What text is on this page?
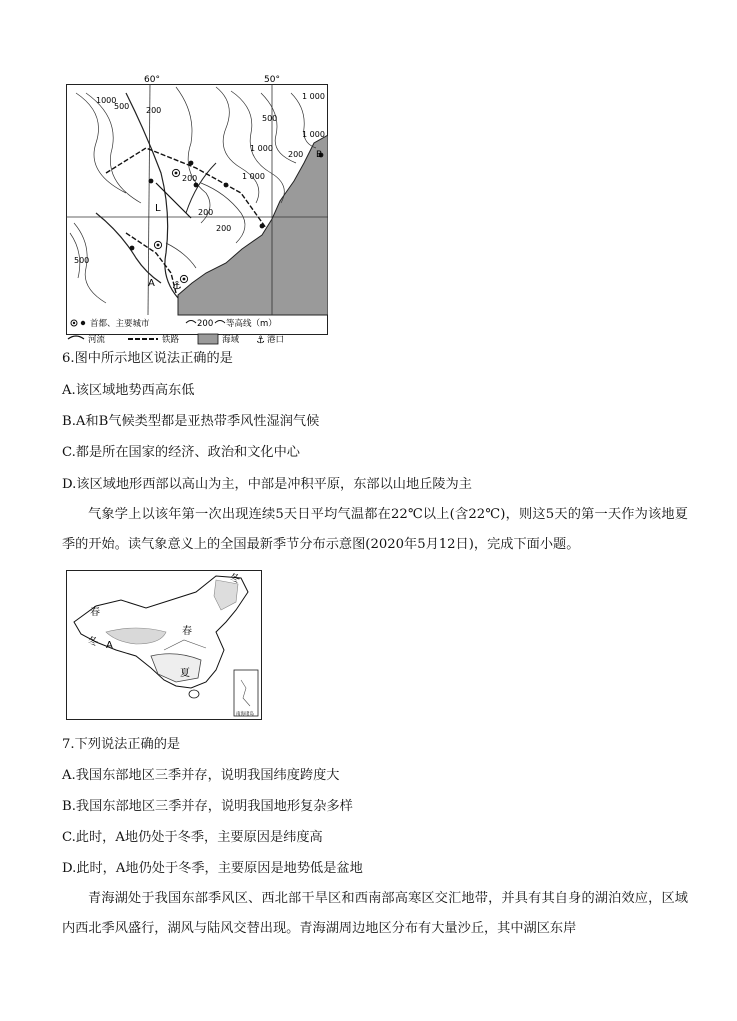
60°	50°
1000
500 200
1 000
500
1 000
200
1 000
1 000
200
200
500
200
L
A
B
⚓
首都、主要城市	200 等高线（m）
河流	铁路	海域 ⚓ 港口
6.图中所示地区说法正确的是
A.该区域地势西高东低
B.A和B气候类型都是亚热带季风性湿润气候
C.都是所在国家的经济、政治和文化中心
D.该区域地形西部以高山为主，中部是冲积平原，东部以山地丘陵为主
气象学上以该年第一次出现连续5天日平均气温都在22℃以上(含22℃)，则这5天的第一天作为该地夏季的开始。读气象意义上的全国最新季节分布示意图(2020年5月12日)，完成下面小题。
冬
春
冬 A
春
夏
南海诸岛
7.下列说法正确的是
A.我国东部地区三季并存，说明我国纬度跨度大
B.我国东部地区三季并存，说明我国地形复杂多样
C.此时，A地仍处于冬季，主要原因是纬度高
D.此时，A地仍处于冬季，主要原因是地势低是盆地
青海湖处于我国东部季风区、西北部干旱区和西南部高寒区交汇地带，并具有其自身的湖泊效应，区域内西北季风盛行，湖风与陆风交替出现。青海湖周边地区分布有大量沙丘，其中湖区东岸
